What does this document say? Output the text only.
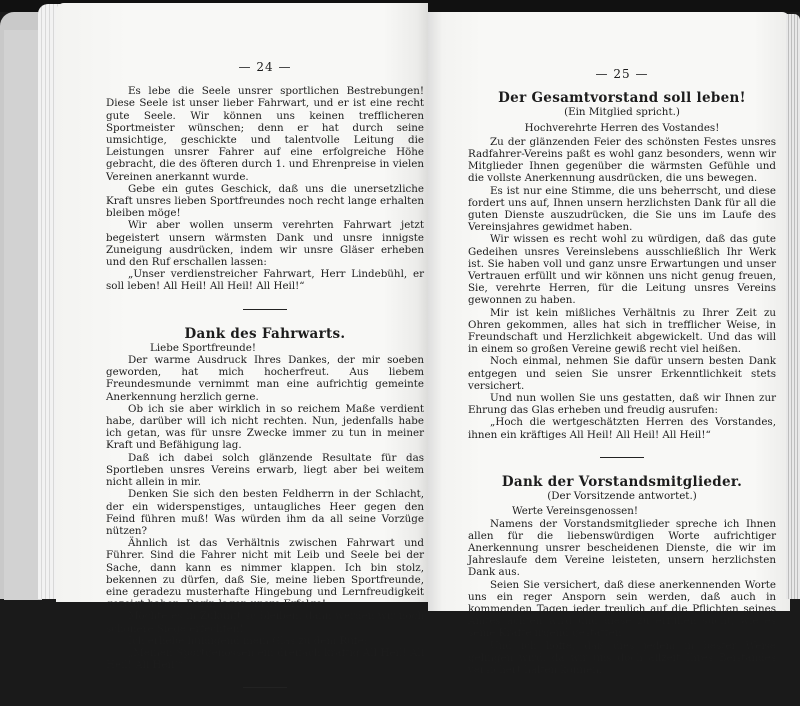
— 24 —

Es lebe die Seele unsrer sportlichen Bestrebungen! Diese Seele ist unser lieber Fahrwart, und er ist eine recht gute Seele. Wir können uns keinen trefflicheren Sportmeister wünschen; denn er hat durch seine umsichtige, geschickte und talentvolle Leitung die Leistungen unsrer Fahrer auf eine erfolgreiche Höhe gebracht, die des öfteren durch 1. und Ehrenpreise in vielen Vereinen anerkannt wurde.

Gebe ein gutes Geschick, daß uns die unersetzliche Kraft unsres lieben Sportfreundes noch recht lange erhalten bleiben möge!

Wir aber wollen unserm verehrten Fahrwart jetzt begeistert unsern wärmsten Dank und unsre innigste Zuneigung ausdrücken, indem wir unsre Gläser erheben und den Ruf erschallen lassen:

„Unser verdienstreicher Fahrwart, Herr Lindebühl, er soll leben! All Heil! All Heil! All Heil!“

Dank des Fahrwarts.

Liebe Sportfreunde!

Der warme Ausdruck Ihres Dankes, der mir soeben geworden, hat mich hocherfreut. Aus liebem Freundesmunde vernimmt man eine aufrichtig gemeinte Anerkennung herzlich gerne.

Ob ich sie aber wirklich in so reichem Maße verdient habe, darüber will ich nicht rechten. Nun, jedenfalls habe ich getan, was für unsre Zwecke immer zu tun in meiner Kraft und Befähigung lag.

Daß ich dabei solch glänzende Resultate für das Sportleben unsres Vereins erwarb, liegt aber bei weitem nicht allein in mir.

Denken Sie sich den besten Feldherrn in der Schlacht, der ein widerspenstiges, untaugliches Heer gegen den Feind führen muß! Was würden ihm da all seine Vorzüge nützen?

Ähnlich ist das Verhältnis zwischen Fahrwart und Führer. Sind die Fahrer nicht mit Leib und Seele bei der Sache, dann kann es nimmer klappen. Ich bin stolz, bekennen zu dürfen, daß Sie, meine lieben Sportfreunde, eine geradezu musterhafte Hingebung und Lernfreudigkeit gezeigt haben. Darin lagen unsre Erfolge!

Möchte es in Zukunft so bleiben, dann werden wir noch schönere Siege erfechten!

Ich erhebe huldigend mein Glas zu dem Rufe:

„Meinen Sportgenossen ein dreifach kräftig All Heil! All Heil! All Heil!“

— 25 —
Der Gesamtvorstand soll leben!
(Ein Mitglied spricht.)
Hochverehrte Herren des Vostandes!

Zu der glänzenden Feier des schönsten Festes unsres Radfahrer-Vereins paßt es wohl ganz besonders, wenn wir Mitglieder Ihnen gegenüber die wärmsten Gefühle und die vollste Anerkennung ausdrücken, die uns bewegen.

Es ist nur eine Stimme, die uns beherrscht, und diese fordert uns auf, Ihnen unsern herzlichsten Dank für all die guten Dienste auszudrücken, die Sie uns im Laufe des Vereinsjahres gewidmet haben.

Wir wissen es recht wohl zu würdigen, daß das gute Gedeihen unsres Vereinslebens ausschließlich Ihr Werk ist. Sie haben voll und ganz unsre Erwartungen und unser Vertrauen erfüllt und wir können uns nicht genug freuen, Sie, verehrte Herren, für die Leitung unsres Vereins gewonnen zu haben.

Mir ist kein mißliches Verhältnis zu Ihrer Zeit zu Ohren gekommen, alles hat sich in trefflicher Weise, in Freundschaft und Herzlichkeit abgewickelt. Und das will in einem so großen Vereine gewiß recht viel heißen.

Noch einmal, nehmen Sie dafür unsern besten Dank entgegen und seien Sie unsrer Erkenntlichkeit stets versichert.

Und nun wollen Sie uns gestatten, daß wir Ihnen zur Ehrung das Glas erheben und freudig ausrufen:

„Hoch die wertgeschätzten Herren des Vorstandes, ihnen ein kräftiges All Heil! All Heil! All Heil!“

Dank der Vorstandsmitglieder.
(Der Vorsitzende antwortet.)

Werte Vereinsgenossen!

Namens der Vorstandsmitglieder spreche ich Ihnen allen für die liebenswürdigen Worte aufrichtiger Anerkennung unsrer bescheidenen Dienste, die wir im Jahreslaufe dem Vereine leisteten, unsern herzlichsten Dank aus.

Seien Sie versichert, daß diese anerkennenden Worte uns ein reger Ansporn sein werden, daß auch in kommenden Tagen jeder treulich auf die Pflichten seines Amtes achten wird und diese zu erfüllen sucht, wie es seine Kräfte irgend gestatten.

Und ich hoffe, daß dies jedem in bester Weise gelingen wird, da wir uns doch allzeit Ihres Beistandes versichert halten können.
